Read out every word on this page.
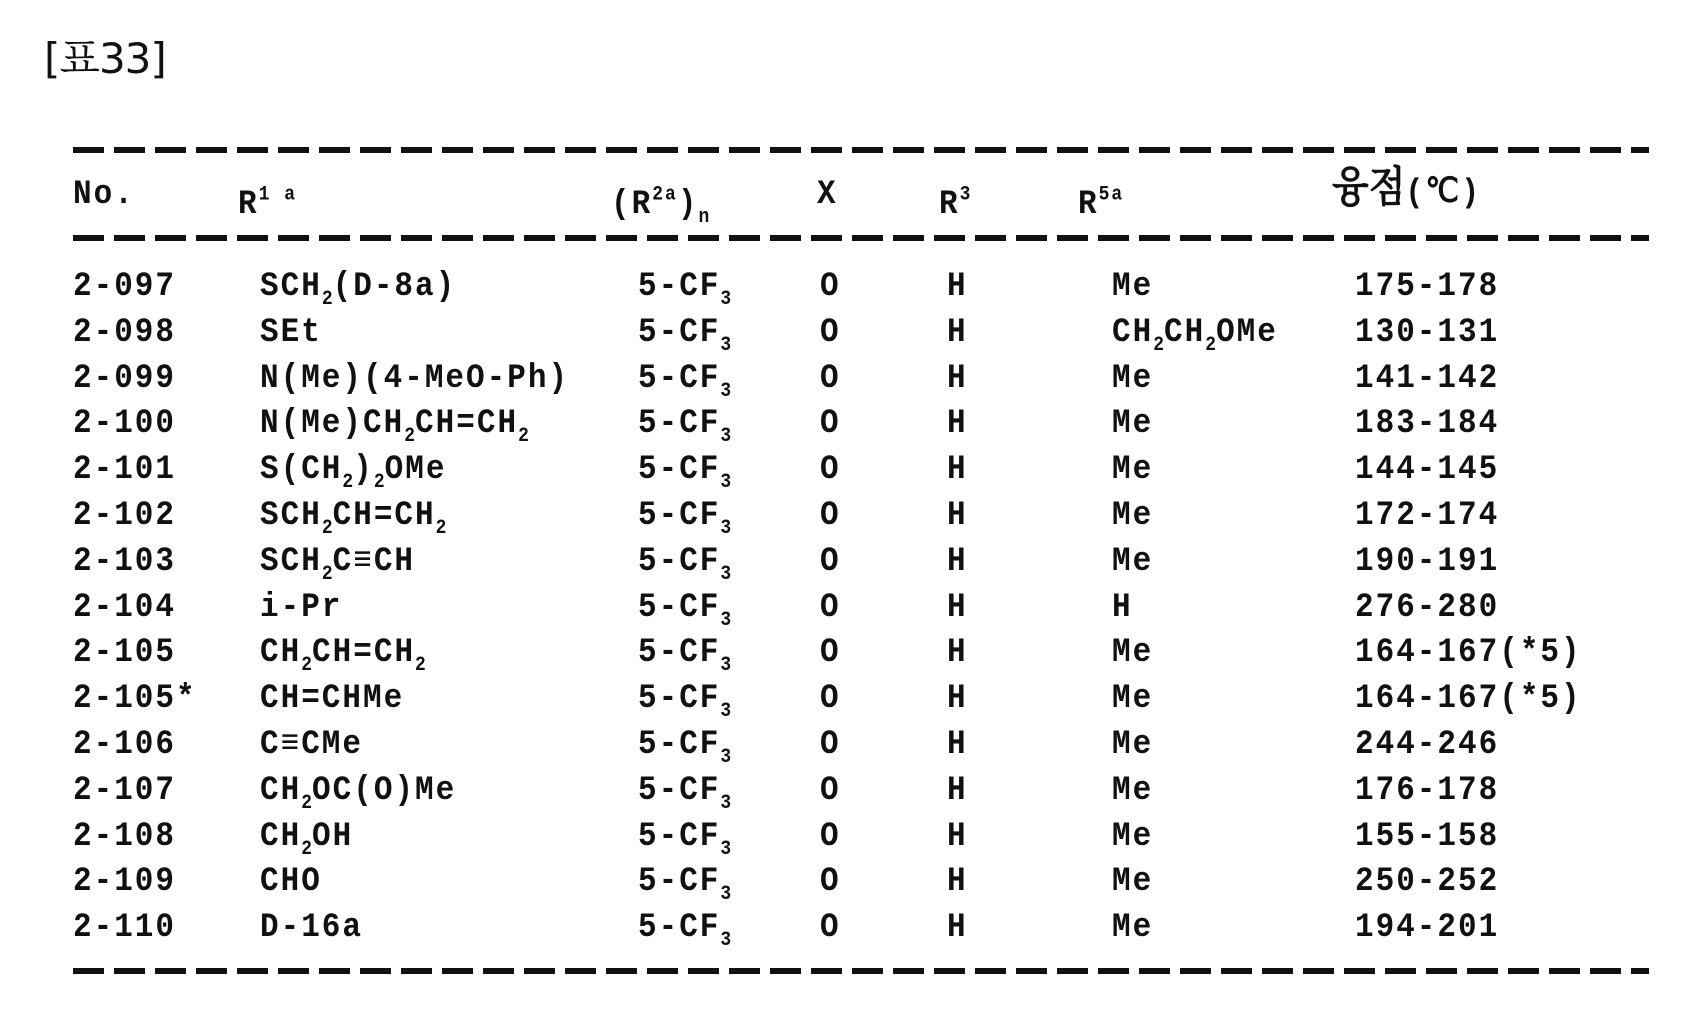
[표33]
No.	R1 a	(R2a)n
X	R3	R5a	융점(℃)
2-097	SCH2(D-8a)	5-CF3	O	H	Me	175-178
2-098	SEt	5-CF3	O	H	CH2CH2OMe 130-131
2-099	N(Me)(4-MeO-Ph) 5-CF3	O	H	Me	141-142
2-100	N(Me)CH2CH=CH2	5-CF3	O	H	Me	183-184
2-101	S(CH2)2OMe	5-CF3	O	H	Me	144-145
2-102	SCH2CH=CH2	5-CF3	O	H	Me	172-174
2-103	SCH2C≡CH	5-CF3	O	H	Me	190-191
2-104	i-Pr	5-CF3	O	H	H	276-280
2-105	CH2CH=CH2	5-CF3	O	H	Me	164-167(*5)
2-105* CH=CHMe	5-CF3	O	H	Me	164-167(*5)
2-106	C≡CMe	5-CF3	O	H	Me	244-246
2-107	CH2OC(O)Me	5-CF3	O	H	Me	176-178
2-108	CH2OH	5-CF3	O	H	Me	155-158
2-109	CHO	5-CF3	O	H	Me	250-252
2-110	D-16a	5-CF3	O	H	Me	194-201
